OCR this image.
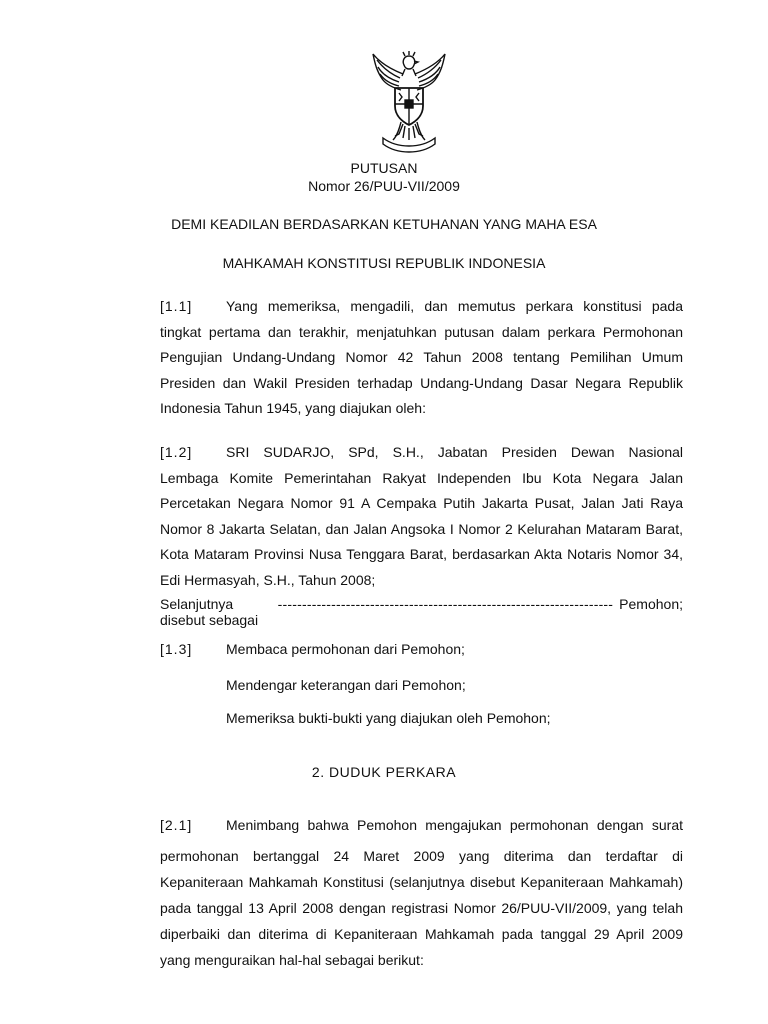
PUTUSAN
Nomor 26/PUU-VII/2009
DEMI KEADILAN BERDASARKAN KETUHANAN YANG MAHA ESA
MAHKAMAH KONSTITUSI REPUBLIK INDONESIA
[1.1] Yang memeriksa, mengadili, dan memutus perkara konstitusi pada
tingkat pertama dan terakhir, menjatuhkan putusan dalam perkara Permohonan
Pengujian Undang-Undang Nomor 42 Tahun 2008 tentang Pemilihan Umum
Presiden dan Wakil Presiden terhadap Undang-Undang Dasar Negara Republik
Indonesia Tahun 1945, yang diajukan oleh:
[1.2] SRI SUDARJO, SPd, S.H., Jabatan Presiden Dewan Nasional
Lembaga Komite Pemerintahan Rakyat Independen Ibu Kota Negara Jalan
Percetakan Negara Nomor 91 A Cempaka Putih Jakarta Pusat, Jalan Jati Raya
Nomor 8 Jakarta Selatan, dan Jalan Angsoka I Nomor 2 Kelurahan Mataram Barat,
Kota Mataram Provinsi Nusa Tenggara Barat, berdasarkan Akta Notaris Nomor 34,
Edi Hermasyah, S.H., Tahun 2008;
Selanjutnya disebut sebagai
--------------------------------------------------------------------- Pemohon;
[1.3] Membaca permohonan dari Pemohon;
Mendengar keterangan dari Pemohon;
Memeriksa bukti-bukti yang diajukan oleh Pemohon;
2. DUDUK PERKARA
[2.1] Menimbang bahwa Pemohon mengajukan permohonan dengan surat
permohonan bertanggal 24 Maret 2009 yang diterima dan terdaftar di
Kepaniteraan Mahkamah Konstitusi (selanjutnya disebut Kepaniteraan Mahkamah)
pada tanggal 13 April 2008 dengan registrasi Nomor 26/PUU-VII/2009, yang telah
diperbaiki dan diterima di Kepaniteraan Mahkamah pada tanggal 29 April 2009
yang menguraikan hal-hal sebagai berikut:
